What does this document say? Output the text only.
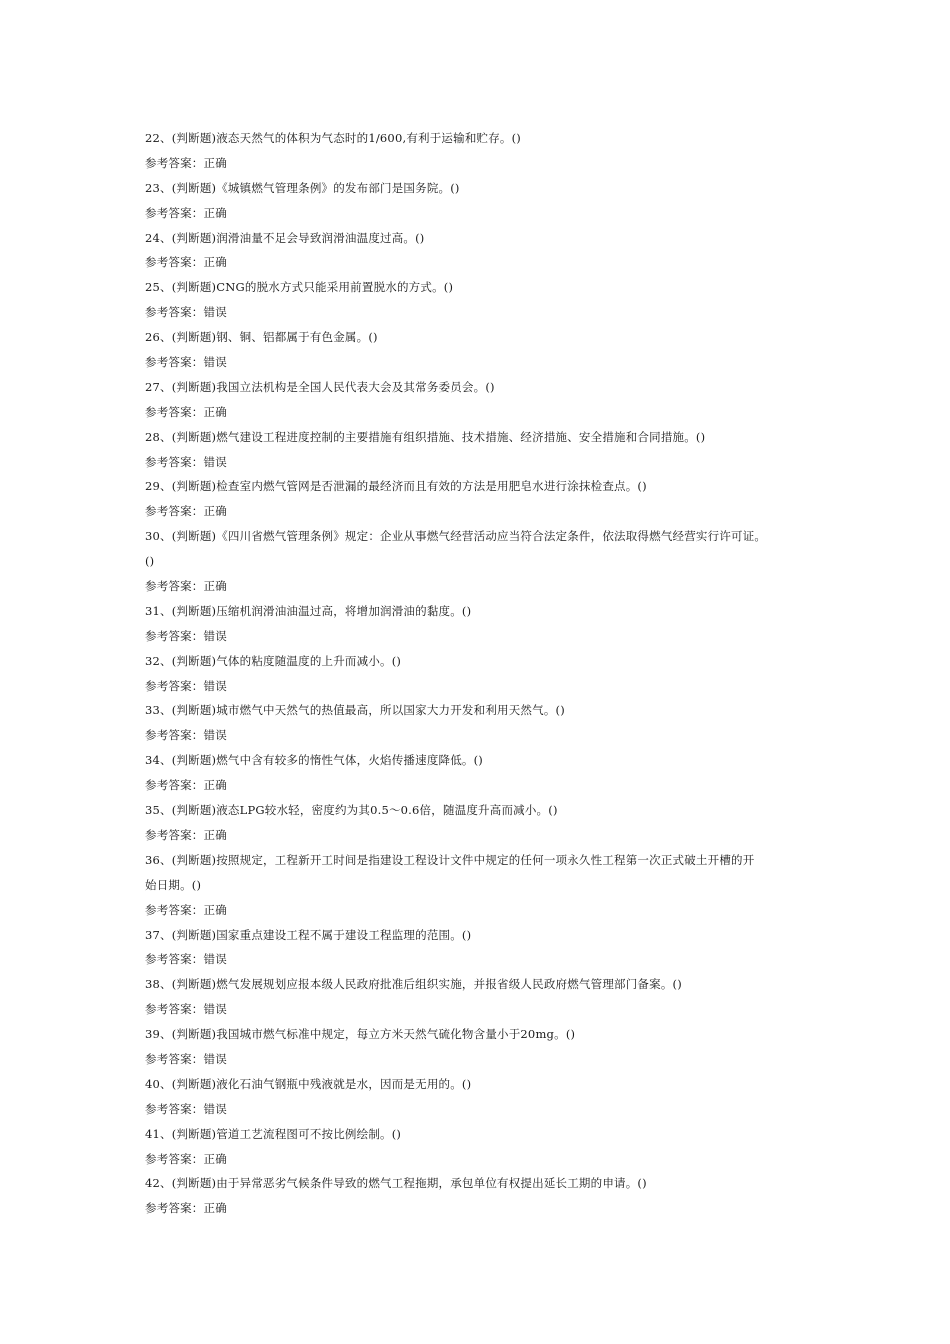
22、(判断题)液态天然气的体积为气态时的1/600,有利于运输和贮存。()
参考答案：正确
23、(判断题)《城镇燃气管理条例》的发布部门是国务院。()
参考答案：正确
24、(判断题)润滑油量不足会导致润滑油温度过高。()
参考答案：正确
25、(判断题)CNG的脱水方式只能采用前置脱水的方式。()
参考答案：错误
26、(判断题)钢、铜、铝都属于有色金属。()
参考答案：错误
27、(判断题)我国立法机构是全国人民代表大会及其常务委员会。()
参考答案：正确
28、(判断题)燃气建设工程进度控制的主要措施有组织措施、技术措施、经济措施、安全措施和合同措施。()
参考答案：错误
29、(判断题)检查室内燃气管网是否泄漏的最经济而且有效的方法是用肥皂水进行涂抹检查点。()
参考答案：正确
30、(判断题)《四川省燃气管理条例》规定：企业从事燃气经营活动应当符合法定条件，依法取得燃气经营实行许可证。
()
参考答案：正确
31、(判断题)压缩机润滑油油温过高，将增加润滑油的黏度。()
参考答案：错误
32、(判断题)气体的粘度随温度的上升而减小。()
参考答案：错误
33、(判断题)城市燃气中天然气的热值最高，所以国家大力开发和利用天然气。()
参考答案：错误
34、(判断题)燃气中含有较多的惰性气体，火焰传播速度降低。()
参考答案：正确
35、(判断题)液态LPG较水轻，密度约为其0.5～0.6倍，随温度升高而减小。()
参考答案：正确
36、(判断题)按照规定，工程新开工时间是指建设工程设计文件中规定的任何一项永久性工程第一次正式破土开槽的开
始日期。()
参考答案：正确
37、(判断题)国家重点建设工程不属于建设工程监理的范围。()
参考答案：错误
38、(判断题)燃气发展规划应报本级人民政府批准后组织实施，并报省级人民政府燃气管理部门备案。()
参考答案：错误
39、(判断题)我国城市燃气标准中规定，每立方米天然气硫化物含量小于20mg。()
参考答案：错误
40、(判断题)液化石油气钢瓶中残液就是水，因而是无用的。()
参考答案：错误
41、(判断题)管道工艺流程图可不按比例绘制。()
参考答案：正确
42、(判断题)由于异常恶劣气候条件导致的燃气工程拖期，承包单位有权提出延长工期的申请。()
参考答案：正确
